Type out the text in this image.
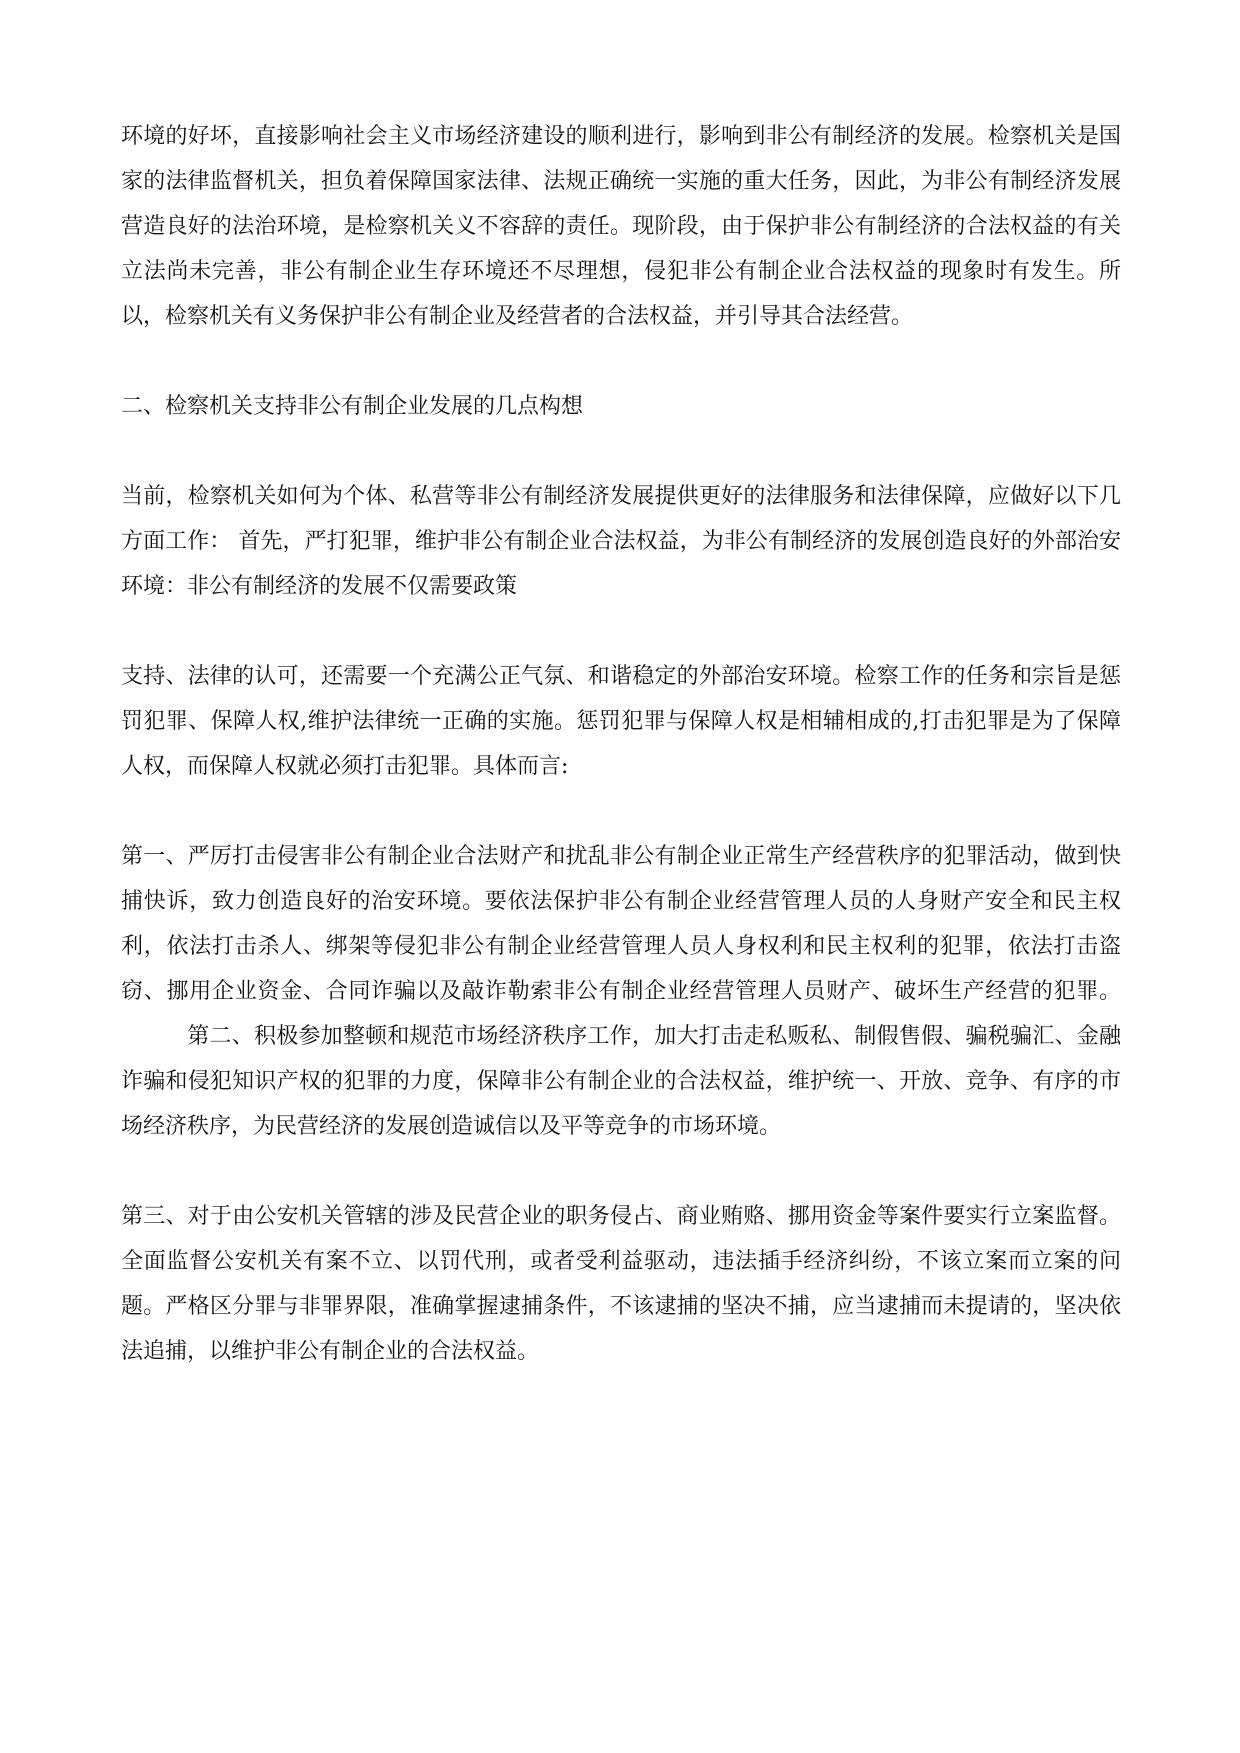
环境的好坏，直接影响社会主义市场经济建设的顺利进行，影响到非公有制经济的发展。检察机关是国家的法律监督机关，担负着保障国家法律、法规正确统一实施的重大任务，因此，为非公有制经济发展营造良好的法治环境，是检察机关义不容辞的责任。现阶段，由于保护非公有制经济的合法权益的有关立法尚未完善，非公有制企业生存环境还不尽理想，侵犯非公有制企业合法权益的现象时有发生。所以，检察机关有义务保护非公有制企业及经营者的合法权益，并引导其合法经营。

二、检察机关支持非公有制企业发展的几点构想

当前，检察机关如何为个体、私营等非公有制经济发展提供更好的法律服务和法律保障，应做好以下几方面工作： 首先，严打犯罪，维护非公有制企业合法权益，为非公有制经济的发展创造良好的外部治安环境：非公有制经济的发展不仅需要政策

支持、法律的认可，还需要一个充满公正气氛、和谐稳定的外部治安环境。检察工作的任务和宗旨是惩罚犯罪、保障人权,维护法律统一正确的实施。惩罚犯罪与保障人权是相辅相成的,打击犯罪是为了保障人权，而保障人权就必须打击犯罪。具体而言:

第一、严厉打击侵害非公有制企业合法财产和扰乱非公有制企业正常生产经营秩序的犯罪活动，做到快捕快诉，致力创造良好的治安环境。要依法保护非公有制企业经营管理人员的人身财产安全和民主权利，依法打击杀人、绑架等侵犯非公有制企业经营管理人员人身权利和民主权利的犯罪，依法打击盗窃、挪用企业资金、合同诈骗以及敲诈勒索非公有制企业经营管理人员财产、破坏生产经营的犯罪。第二、积极参加整顿和规范市场经济秩序工作，加大打击走私贩私、制假售假、骗税骗汇、金融诈骗和侵犯知识产权的犯罪的力度，保障非公有制企业的合法权益，维护统一、开放、竞争、有序的市场经济秩序，为民营经济的发展创造诚信以及平等竞争的市场环境。

第三、对于由公安机关管辖的涉及民营企业的职务侵占、商业贿赂、挪用资金等案件要实行立案监督。全面监督公安机关有案不立、以罚代刑，或者受利益驱动，违法插手经济纠纷，不该立案而立案的问题。严格区分罪与非罪界限，准确掌握逮捕条件，不该逮捕的坚决不捕，应当逮捕而未提请的，坚决依法追捕，以维护非公有制企业的合法权益。
